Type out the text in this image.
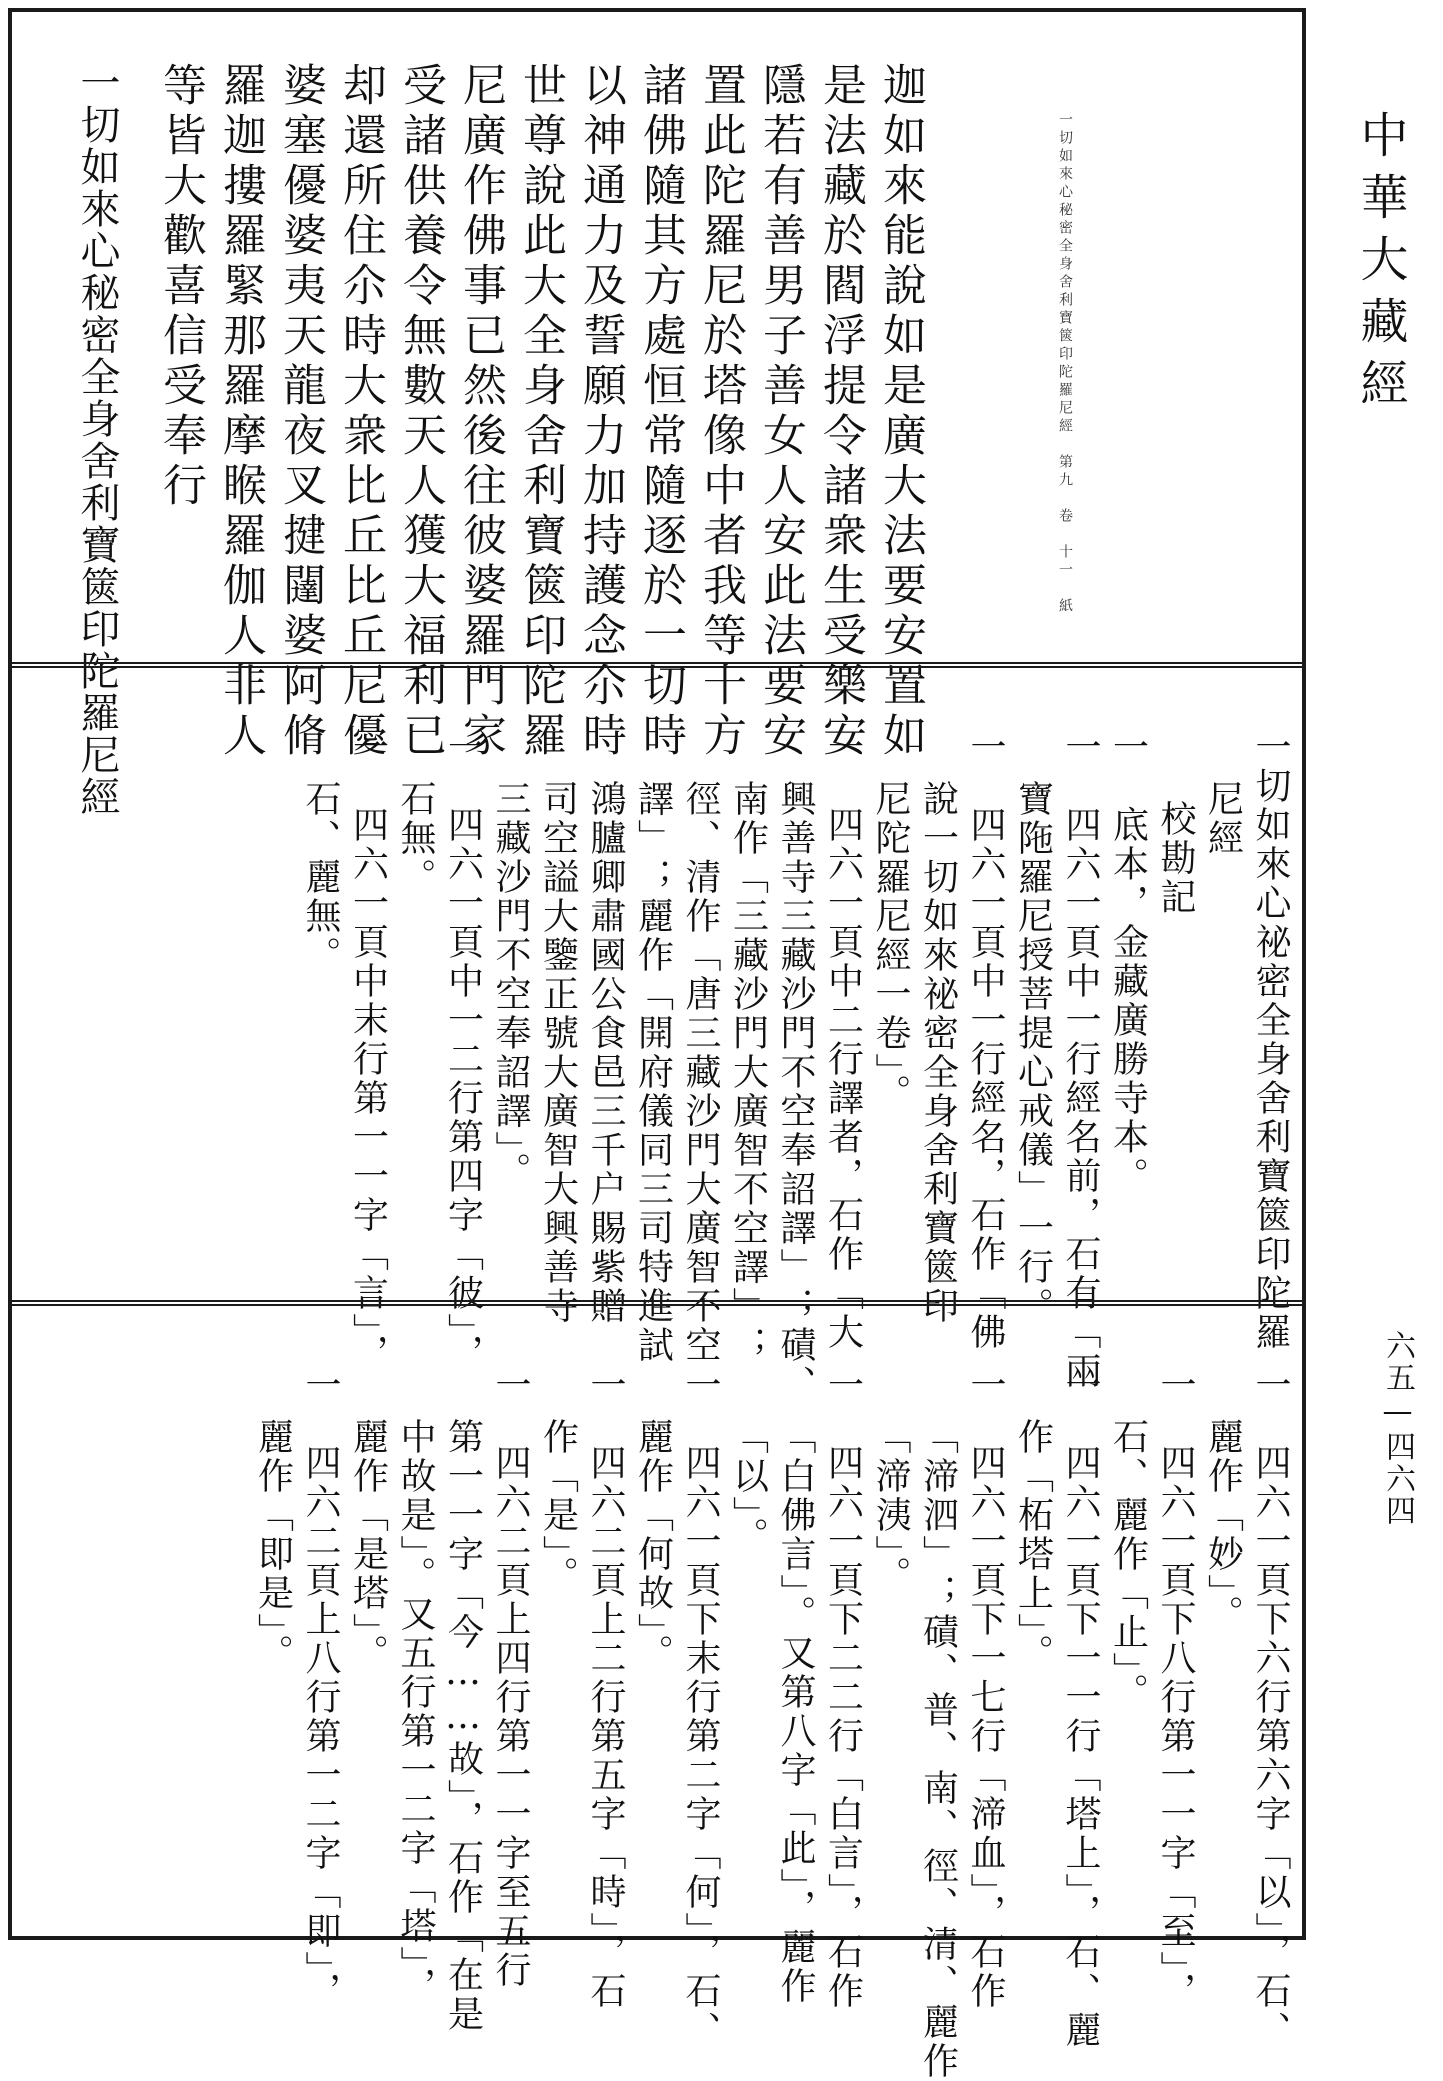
一切如來心秘密全身舍利寶篋印陀羅尼經　第九　卷　十一　紙
迦如來能說如是廣大法要安置如
是法藏於閻浮提令諸衆生受樂安
隱若有善男子善女人安此法要安
置此陀羅尼於塔像中者我等十方
諸佛隨其方處恒常隨逐於一切時
以神通力及誓願力加持護念尒時
世尊說此大全身舍利寶篋印陀羅
尼廣作佛事已然後往彼婆羅門家
受諸供養令無數天人獲大福利已
却還所住尒時大衆比丘比丘尼優
婆塞優婆夷天龍夜叉揵闥婆阿脩
羅迦摟羅緊那羅摩睺羅伽人非人
等皆大歡喜信受奉行
一切如來心秘密全身舍利寶篋印陀羅尼經
一切如來心祕密全身舍利寶篋印陀羅
尼經
校勘記
一　底本，金藏廣勝寺本。
一　四六一頁中一行經名前，石有「兩
寶陁羅尼授菩提心戒儀」一行。
一　四六一頁中一行經名，石作「佛
說一切如來祕密全身舍利寶篋印
尼陀羅尼經一卷」。
一　四六一頁中二行譯者，石作「大
興善寺三藏沙門不空奉詔譯」；磧、
南作「三藏沙門大廣智不空譯」；
徑、清作「唐三藏沙門大廣智不空
譯」；麗作「開府儀同三司特進試
鴻臚卿肅國公食邑三千户賜紫贈
司空謚大鑒正號大廣智大興善寺
三藏沙門不空奉詔譯」。
一　四六一頁中一二行第四字「彼」，
石無。
一　四六一頁中末行第一一字「言」，
石、麗無。
一　四六一頁下六行第六字「以」，石、
麗作「妙」。
一　四六一頁下八行第一一字「至」，
石、麗作「止」。
一　四六一頁下一一行「塔上」，石、麗
作「柘塔上」。
一　四六一頁下一七行「渧血」，石作
「渧泗」；磧、普、南、徑、清、麗作
「渧洟」。
一　四六一頁下二二行「白言」，石作
「白佛言」。又第八字「此」，麗作
「以」。
一　四六一頁下末行第二字「何」，石、
麗作「何故」。
一　四六二頁上二行第五字「時」，石
作「是」。
一　四六二頁上四行第一一字至五行
第一一字「今……故」，石作「在是
中故是」。又五行第一二字「塔」，
麗作「是塔」。
一　四六二頁上八行第一二字「即」，
麗作「即是」。
中華大藏經
六五—四六四
